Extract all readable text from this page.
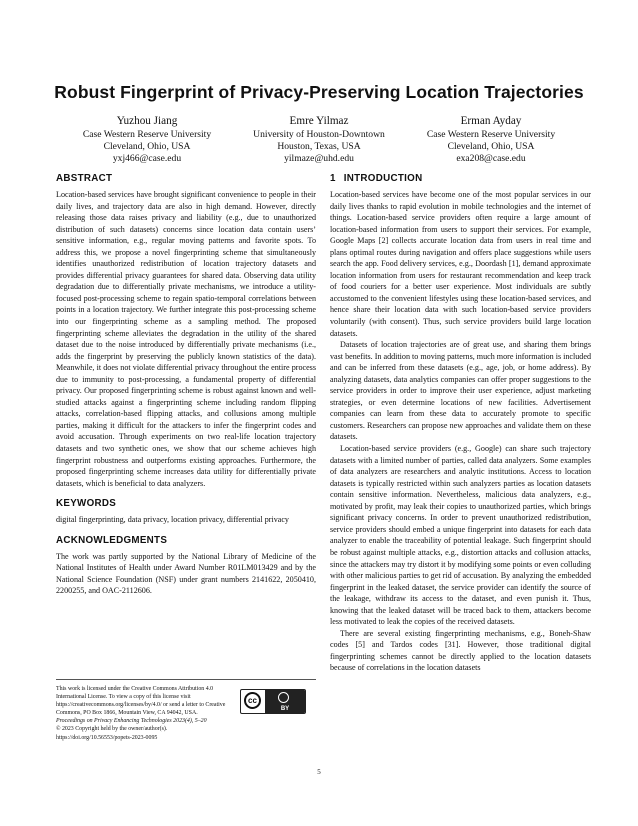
Robust Fingerprint of Privacy-Preserving Location Trajectories
Yuzhou Jiang
Case Western Reserve University
Cleveland, Ohio, USA
yxj466@case.edu
Emre Yilmaz
University of Houston-Downtown
Houston, Texas, USA
yilmaze@uhd.edu
Erman Ayday
Case Western Reserve University
Cleveland, Ohio, USA
exa208@case.edu
ABSTRACT

Location-based services have brought significant convenience to people in their daily lives, and trajectory data are also in high demand. However, directly releasing those data raises privacy and liability (e.g., due to unauthorized distribution of such datasets) concerns since location data contain users’ sensitive information, e.g., regular moving patterns and favorite spots. To address this, we propose a novel fingerprinting scheme that simultaneously identifies unauthorized redistribution of location trajectory datasets and provides differential privacy guarantees for shared data. Observing data utility degradation due to differentially private mechanisms, we introduce a utility-focused post-processing scheme to regain spatio-temporal correlations between points in a location trajectory. We further integrate this post-processing scheme into our fingerprinting scheme as a sampling method. The proposed fingerprinting scheme alleviates the degradation in the utility of the shared dataset due to the noise introduced by differentially private mechanisms (i.e., adds the fingerprint by preserving the publicly known statistics of the data). Meanwhile, it does not violate differential privacy throughout the entire process due to immunity to post-processing, a fundamental property of differential privacy. Our proposed fingerprinting scheme is robust against known and well-studied attacks against a fingerprinting scheme including random flipping attacks, correlation-based flipping attacks, and collusions among multiple parties, making it difficult for the attackers to infer the fingerprint codes and avoid accusation. Through experiments on two real-life location trajectory datasets and two synthetic ones, we show that our scheme achieves high fingerprint robustness and outperforms existing approaches. Furthermore, the proposed fingerprinting scheme increases data utility for differentially private datasets, which is beneficial to data analyzers.

KEYWORDS

digital fingerprinting, data privacy, location privacy, differential privacy

ACKNOWLEDGMENTS

The work was partly supported by the National Library of Medicine of the National Institutes of Health under Award Number R01LM013429 and by the National Science Foundation (NSF) under grant numbers 2141622, 2050410, 2200255, and OAC-2112606.

This work is licensed under the Creative Commons Attribution 4.0 International License. To view a copy of this license visit https://creativecommons.org/licenses/by/4.0/ or send a letter to Creative Commons, PO Box 1866, Mountain View, CA 94042, USA.
Proceedings on Privacy Enhancing Technologies 2023(4), 5–20
© 2023 Copyright held by the owner/author(s).
https://doi.org/10.56553/popets-2023-0095
cc
BY
1 INTRODUCTION

Location-based services have become one of the most popular services in our daily lives thanks to rapid evolution in mobile technologies and the internet of things. Location-based service providers often require a large amount of location-based information from users to support their services. For example, Google Maps [2] collects accurate location data from users in real time and plans optimal routes during navigation and offers place suggestions while users search the app. Food delivery services, e.g., Doordash [1], demand approximate location information from users for restaurant recommendation and keep track of food couriers for a better user experience. Most individuals are subtly accustomed to the convenient lifestyles using these location-based services, and hence share their location data with such location-based service providers voluntarily (with consent). Thus, such service providers build large location datasets.

Datasets of location trajectories are of great use, and sharing them brings vast benefits. In addition to moving patterns, much more information is included and can be inferred from these datasets (e.g., age, job, or home address). By analyzing datasets, data analytics companies can offer proper suggestions to the service providers in order to improve their user experience, adjust marketing strategies, or even determine locations of new facilities. Advertisement companies can learn from these data to accurately promote to specific customers. Researchers can propose new approaches and validate them on these datasets.

Location-based service providers (e.g., Google) can share such trajectory datasets with a limited number of parties, called data analyzers. Some examples of data analyzers are researchers and analytic institutions. Access to location datasets is typically restricted within such analyzers parties as location datasets contain sensitive information. Nevertheless, malicious data analyzers, e.g., motivated by profit, may leak their copies to unauthorized parties, which brings significant privacy concerns. In order to prevent unauthorized redistribution, service providers should embed a unique fingerprint into datasets for each data analyzer to enable the traceability of potential leakage. Such fingerprint should be robust against multiple attacks, e.g., distortion attacks and collusion attacks, since the attackers may try distort it by modifying some points or even colluding with other malicious parties to get rid of accusation. By analyzing the embedded fingerprint in the leaked dataset, the service provider can identify the source of the leakage, withdraw its access to the dataset, and even punish it. Thus, knowing that the leaked dataset will be traced back to them, attackers become less motivated to leak the copies of the received datasets.

There are several existing fingerprinting mechanisms, e.g., Boneh-Shaw codes [5] and Tardos codes [31]. However, those traditional digital fingerprinting schemes cannot be directly applied to the location datasets because of correlations in the location datasets

5
